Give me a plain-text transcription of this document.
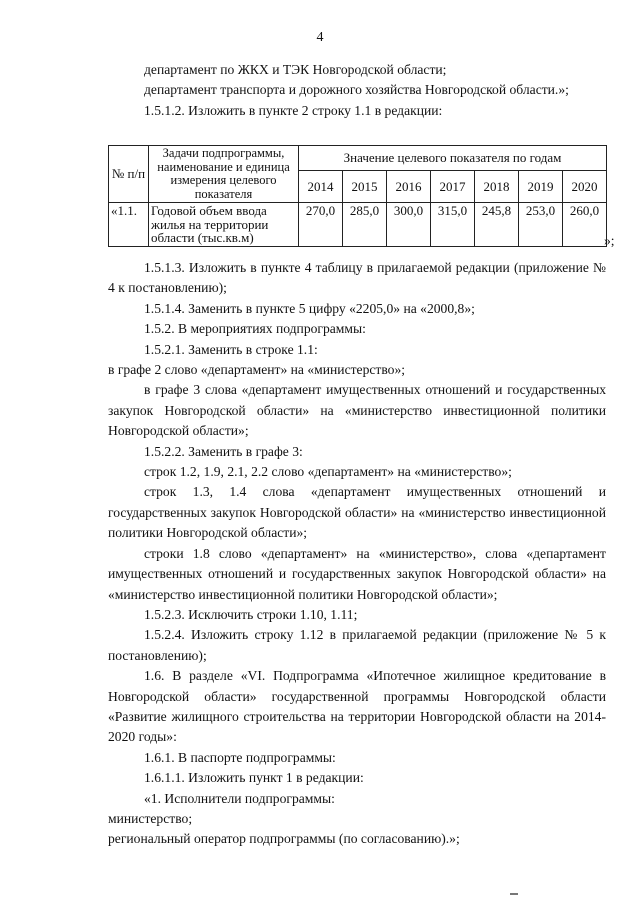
4

департамент по ЖКХ и ТЭК Новгородской области;

департамент транспорта и дорожного хозяйства Новгородской области.»;

1.5.1.2. Изложить в пункте 2 строку 1.1 в редакции:

№ п/п	Задачи подпрограммы, наименование и единица измерения целевого показателя	Значение целевого показателя по годам						
		2014	2015	2016	2017	2018	2019	2020
«1.1.	Годовой объем ввода жилья на территории области (тыс.кв.м)	270,0	285,0	300,0	315,0	245,8	253,0	260,0
»;

1.5.1.3. Изложить в пункте 4 таблицу в прилагаемой редакции (приложение № 4 к постановлению);

1.5.1.4. Заменить в пункте 5 цифру «2205,0» на «2000,8»;

1.5.2. В мероприятиях подпрограммы:

1.5.2.1. Заменить в строке 1.1:

в графе 2 слово «департамент» на «министерство»;

в графе 3 слова «департамент имущественных отношений и государственных закупок Новгородской области» на «министерство инвестиционной политики Новгородской области»;

1.5.2.2. Заменить в графе 3:

строк 1.2, 1.9, 2.1, 2.2 слово «департамент» на «министерство»;

строк 1.3, 1.4 слова «департамент имущественных отношений и государственных закупок Новгородской области» на «министерство инвестиционной политики Новгородской области»;

строки 1.8 слово «департамент» на «министерство», слова «департамент имущественных отношений и государственных закупок Новгородской области» на «министерство инвестиционной политики Новгородской области»;

1.5.2.3. Исключить строки 1.10, 1.11;

1.5.2.4. Изложить строку 1.12 в прилагаемой редакции (приложение № 5 к постановлению);

1.6. В разделе «VI. Подпрограмма «Ипотечное жилищное кредитование в Новгородской области» государственной программы Новгородской области «Развитие жилищного строительства на территории Новгородской области на 2014-2020 годы»:

1.6.1. В паспорте подпрограммы:

1.6.1.1. Изложить пункт 1 в редакции:

«1. Исполнители подпрограммы:

министерство;

региональный оператор подпрограммы (по согласованию).»;
